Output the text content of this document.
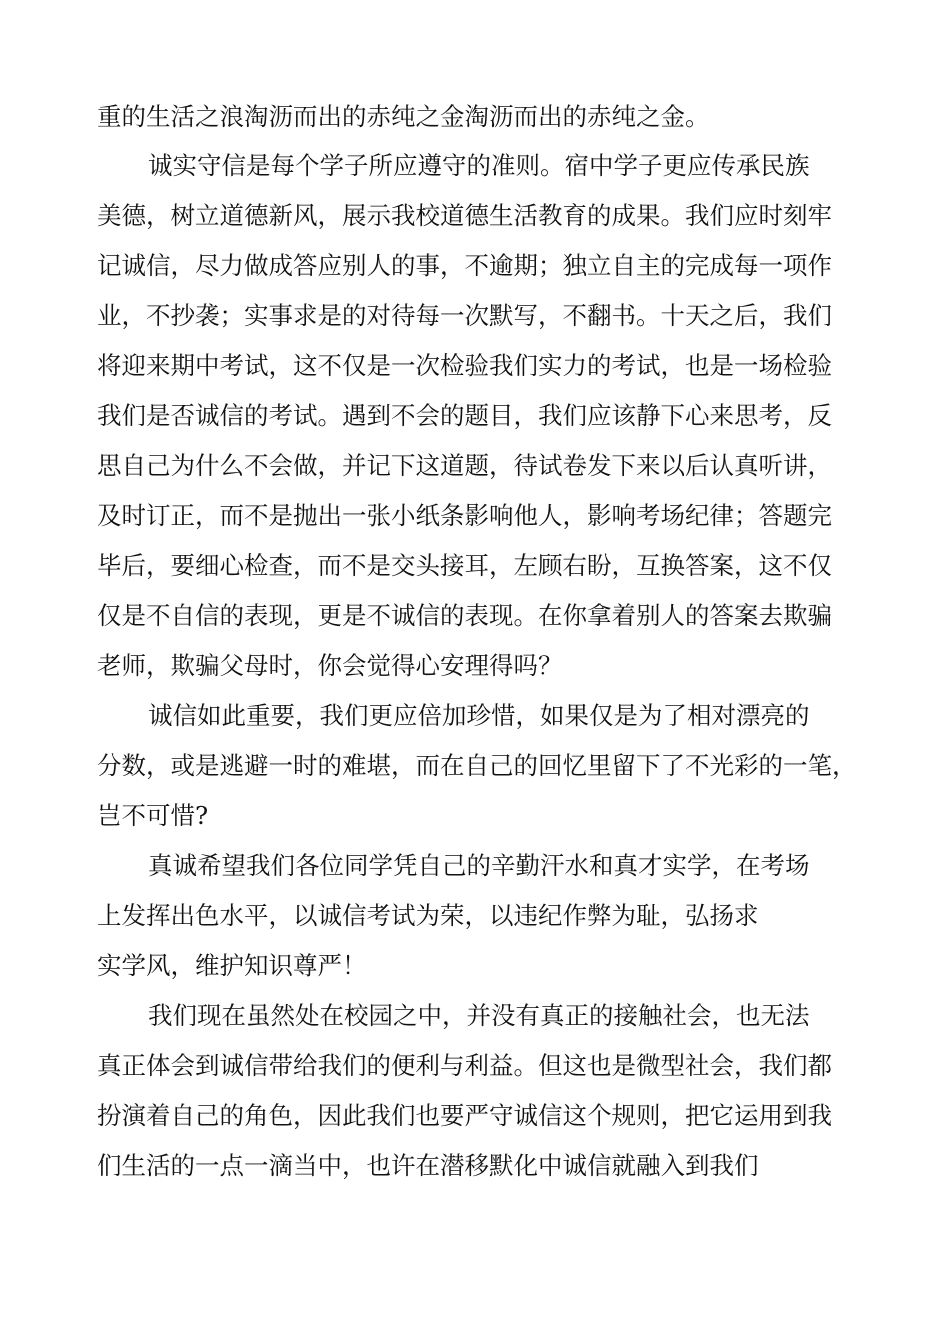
重的生活之浪淘沥而出的赤纯之金淘沥而出的赤纯之金。
诚实守信是每个学子所应遵守的准则。宿中学子更应传承民族
美德，树立道德新风，展示我校道德生活教育的成果。我们应时刻牢
记诚信，尽力做成答应别人的事，不逾期；独立自主的完成每一项作
业，不抄袭；实事求是的对待每一次默写，不翻书。十天之后，我们
将迎来期中考试，这不仅是一次检验我们实力的考试，也是一场检验
我们是否诚信的考试。遇到不会的题目，我们应该静下心来思考，反
思自己为什么不会做，并记下这道题，待试卷发下来以后认真听讲，
及时订正，而不是抛出一张小纸条影响他人，影响考场纪律；答题完
毕后，要细心检查，而不是交头接耳，左顾右盼，互换答案，这不仅
仅是不自信的表现，更是不诚信的表现。在你拿着别人的答案去欺骗
老师，欺骗父母时，你会觉得心安理得吗？
诚信如此重要，我们更应倍加珍惜，如果仅是为了相对漂亮的
分数，或是逃避一时的难堪，而在自己的回忆里留下了不光彩的一笔，
岂不可惜?
真诚希望我们各位同学凭自己的辛勤汗水和真才实学，在考场
上发挥出色水平，以诚信考试为荣，以违纪作弊为耻，弘扬求
实学风，维护知识尊严！
我们现在虽然处在校园之中，并没有真正的接触社会，也无法
真正体会到诚信带给我们的便利与利益。但这也是微型社会，我们都
扮演着自己的角色，因此我们也要严守诚信这个规则，把它运用到我
们生活的一点一滴当中，也许在潜移默化中诚信就融入到我们
